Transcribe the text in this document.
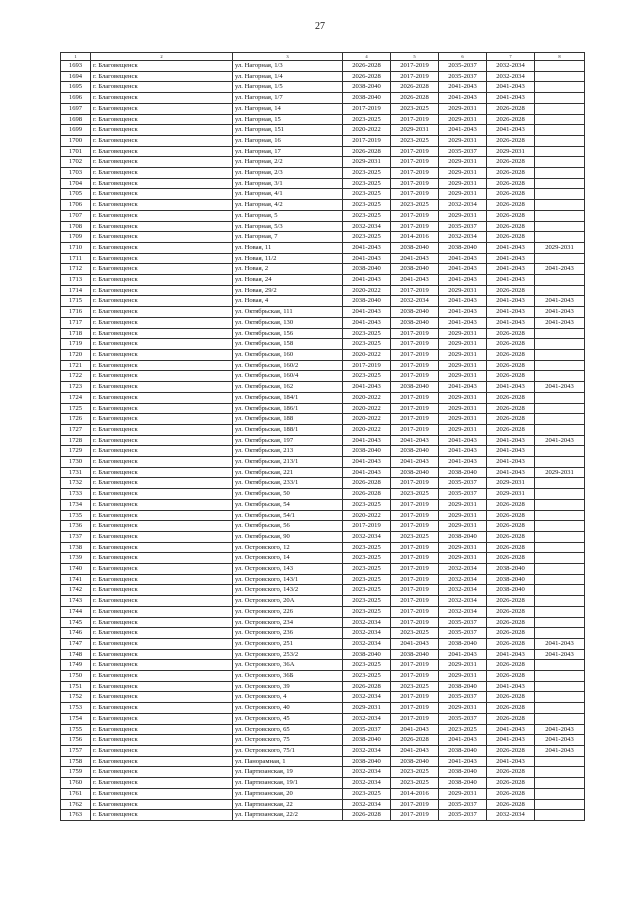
27
1	2	3	4	5	6	7	8
1693	г. Благовещенск	ул. Нагорная, 1/3	2026-2028	2017-2019	2035-2037	2032-2034	
1694	г. Благовещенск	ул. Нагорная, 1/4	2026-2028	2017-2019	2035-2037	2032-2034	
1695	г. Благовещенск	ул. Нагорная, 1/5	2038-2040	2026-2028	2041-2043	2041-2043	
1696	г. Благовещенск	ул. Нагорная, 1/7	2038-2040	2026-2028	2041-2043	2041-2043	
1697	г. Благовещенск	ул. Нагорная, 14	2017-2019	2023-2025	2029-2031	2026-2028	
1698	г. Благовещенск	ул. Нагорная, 15	2023-2025	2017-2019	2029-2031	2026-2028	
1699	г. Благовещенск	ул. Нагорная, 151	2020-2022	2029-2031	2041-2043	2041-2043	
1700	г. Благовещенск	ул. Нагорная, 16	2017-2019	2023-2025	2029-2031	2026-2028	
1701	г. Благовещенск	ул. Нагорная, 17	2026-2028	2017-2019	2035-2037	2029-2031	
1702	г. Благовещенск	ул. Нагорная, 2/2	2029-2031	2017-2019	2029-2031	2026-2028	
1703	г. Благовещенск	ул. Нагорная, 2/3	2023-2025	2017-2019	2029-2031	2026-2028	
1704	г. Благовещенск	ул. Нагорная, 3/1	2023-2025	2017-2019	2029-2031	2026-2028	
1705	г. Благовещенск	ул. Нагорная, 4/1	2023-2025	2017-2019	2029-2031	2026-2028	
1706	г. Благовещенск	ул. Нагорная, 4/2	2023-2025	2023-2025	2032-2034	2026-2028	
1707	г. Благовещенск	ул. Нагорная, 5	2023-2025	2017-2019	2029-2031	2026-2028	
1708	г. Благовещенск	ул. Нагорная, 5/3	2032-2034	2017-2019	2035-2037	2026-2028	
1709	г. Благовещенск	ул. Нагорная, 7	2023-2025	2014-2016	2032-2034	2026-2028	
1710	г. Благовещенск	ул. Новая, 11	2041-2043	2038-2040	2038-2040	2041-2043	2029-2031
1711	г. Благовещенск	ул. Новая, 11/2	2041-2043	2041-2043	2041-2043	2041-2043	
1712	г. Благовещенск	ул. Новая, 2	2038-2040	2038-2040	2041-2043	2041-2043	2041-2043
1713	г. Благовещенск	ул. Новая, 24	2041-2043	2041-2043	2041-2043	2041-2043	
1714	г. Благовещенск	ул. Новая, 29/2	2020-2022	2017-2019	2029-2031	2026-2028	
1715	г. Благовещенск	ул. Новая, 4	2038-2040	2032-2034	2041-2043	2041-2043	2041-2043
1716	г. Благовещенск	ул. Октябрьская, 111	2041-2043	2038-2040	2041-2043	2041-2043	2041-2043
1717	г. Благовещенск	ул. Октябрьская, 130	2041-2043	2038-2040	2041-2043	2041-2043	2041-2043
1718	г. Благовещенск	ул. Октябрьская, 156	2023-2025	2017-2019	2029-2031	2026-2028	
1719	г. Благовещенск	ул. Октябрьская, 158	2023-2025	2017-2019	2029-2031	2026-2028	
1720	г. Благовещенск	ул. Октябрьская, 160	2020-2022	2017-2019	2029-2031	2026-2028	
1721	г. Благовещенск	ул. Октябрьская, 160/2	2017-2019	2017-2019	2029-2031	2026-2028	
1722	г. Благовещенск	ул. Октябрьская, 160/4	2023-2025	2017-2019	2029-2031	2026-2028	
1723	г. Благовещенск	ул. Октябрьская, 162	2041-2043	2038-2040	2041-2043	2041-2043	2041-2043
1724	г. Благовещенск	ул. Октябрьская, 184/1	2020-2022	2017-2019	2029-2031	2026-2028	
1725	г. Благовещенск	ул. Октябрьская, 186/1	2020-2022	2017-2019	2029-2031	2026-2028	
1726	г. Благовещенск	ул. Октябрьская, 188	2020-2022	2017-2019	2029-2031	2026-2028	
1727	г. Благовещенск	ул. Октябрьская, 188/1	2020-2022	2017-2019	2029-2031	2026-2028	
1728	г. Благовещенск	ул. Октябрьская, 197	2041-2043	2041-2043	2041-2043	2041-2043	2041-2043
1729	г. Благовещенск	ул. Октябрьская, 213	2038-2040	2038-2040	2041-2043	2041-2043	
1730	г. Благовещенск	ул. Октябрьская, 213/1	2041-2043	2041-2043	2041-2043	2041-2043	
1731	г. Благовещенск	ул. Октябрьская, 221	2041-2043	2038-2040	2038-2040	2041-2043	2029-2031
1732	г. Благовещенск	ул. Октябрьская, 233/1	2026-2028	2017-2019	2035-2037	2029-2031	
1733	г. Благовещенск	ул. Октябрьская, 50	2026-2028	2023-2025	2035-2037	2029-2031	
1734	г. Благовещенск	ул. Октябрьская, 54	2023-2025	2017-2019	2029-2031	2026-2028	
1735	г. Благовещенск	ул. Октябрьская, 54/1	2020-2022	2017-2019	2029-2031	2026-2028	
1736	г. Благовещенск	ул. Октябрьская, 56	2017-2019	2017-2019	2029-2031	2026-2028	
1737	г. Благовещенск	ул. Октябрьская, 90	2032-2034	2023-2025	2038-2040	2026-2028	
1738	г. Благовещенск	ул. Островского, 12	2023-2025	2017-2019	2029-2031	2026-2028	
1739	г. Благовещенск	ул. Островского, 14	2023-2025	2017-2019	2029-2031	2026-2028	
1740	г. Благовещенск	ул. Островского, 143	2023-2025	2017-2019	2032-2034	2038-2040	
1741	г. Благовещенск	ул. Островского, 143/1	2023-2025	2017-2019	2032-2034	2038-2040	
1742	г. Благовещенск	ул. Островского, 143/2	2023-2025	2017-2019	2032-2034	2038-2040	
1743	г. Благовещенск	ул. Островского, 20А	2023-2025	2017-2019	2032-2034	2026-2028	
1744	г. Благовещенск	ул. Островского, 226	2023-2025	2017-2019	2032-2034	2026-2028	
1745	г. Благовещенск	ул. Островского, 234	2032-2034	2017-2019	2035-2037	2026-2028	
1746	г. Благовещенск	ул. Островского, 236	2032-2034	2023-2025	2035-2037	2026-2028	
1747	г. Благовещенск	ул. Островского, 251	2032-2034	2041-2043	2038-2040	2026-2028	2041-2043
1748	г. Благовещенск	ул. Островского, 253/2	2038-2040	2038-2040	2041-2043	2041-2043	2041-2043
1749	г. Благовещенск	ул. Островского, 36А	2023-2025	2017-2019	2029-2031	2026-2028	
1750	г. Благовещенск	ул. Островского, 36Б	2023-2025	2017-2019	2029-2031	2026-2028	
1751	г. Благовещенск	ул. Островского, 39	2026-2028	2023-2025	2038-2040	2041-2043	
1752	г. Благовещенск	ул. Островского, 4	2032-2034	2017-2019	2035-2037	2026-2028	
1753	г. Благовещенск	ул. Островского, 40	2029-2031	2017-2019	2029-2031	2026-2028	
1754	г. Благовещенск	ул. Островского, 45	2032-2034	2017-2019	2035-2037	2026-2028	
1755	г. Благовещенск	ул. Островского, 65	2035-2037	2041-2043	2023-2025	2041-2043	2041-2043
1756	г. Благовещенск	ул. Островского, 75	2038-2040	2026-2028	2041-2043	2041-2043	2041-2043
1757	г. Благовещенск	ул. Островского, 75/1	2032-2034	2041-2043	2038-2040	2026-2028	2041-2043
1758	г. Благовещенск	ул. Панорамная, 1	2038-2040	2038-2040	2041-2043	2041-2043	
1759	г. Благовещенск	ул. Партизанская, 19	2032-2034	2023-2025	2038-2040	2026-2028	
1760	г. Благовещенск	ул. Партизанская, 19/1	2032-2034	2023-2025	2038-2040	2026-2028	
1761	г. Благовещенск	ул. Партизанская, 20	2023-2025	2014-2016	2029-2031	2026-2028	
1762	г. Благовещенск	ул. Партизанская, 22	2032-2034	2017-2019	2035-2037	2026-2028	
1763	г. Благовещенск	ул. Партизанская, 22/2	2026-2028	2017-2019	2035-2037	2032-2034	
